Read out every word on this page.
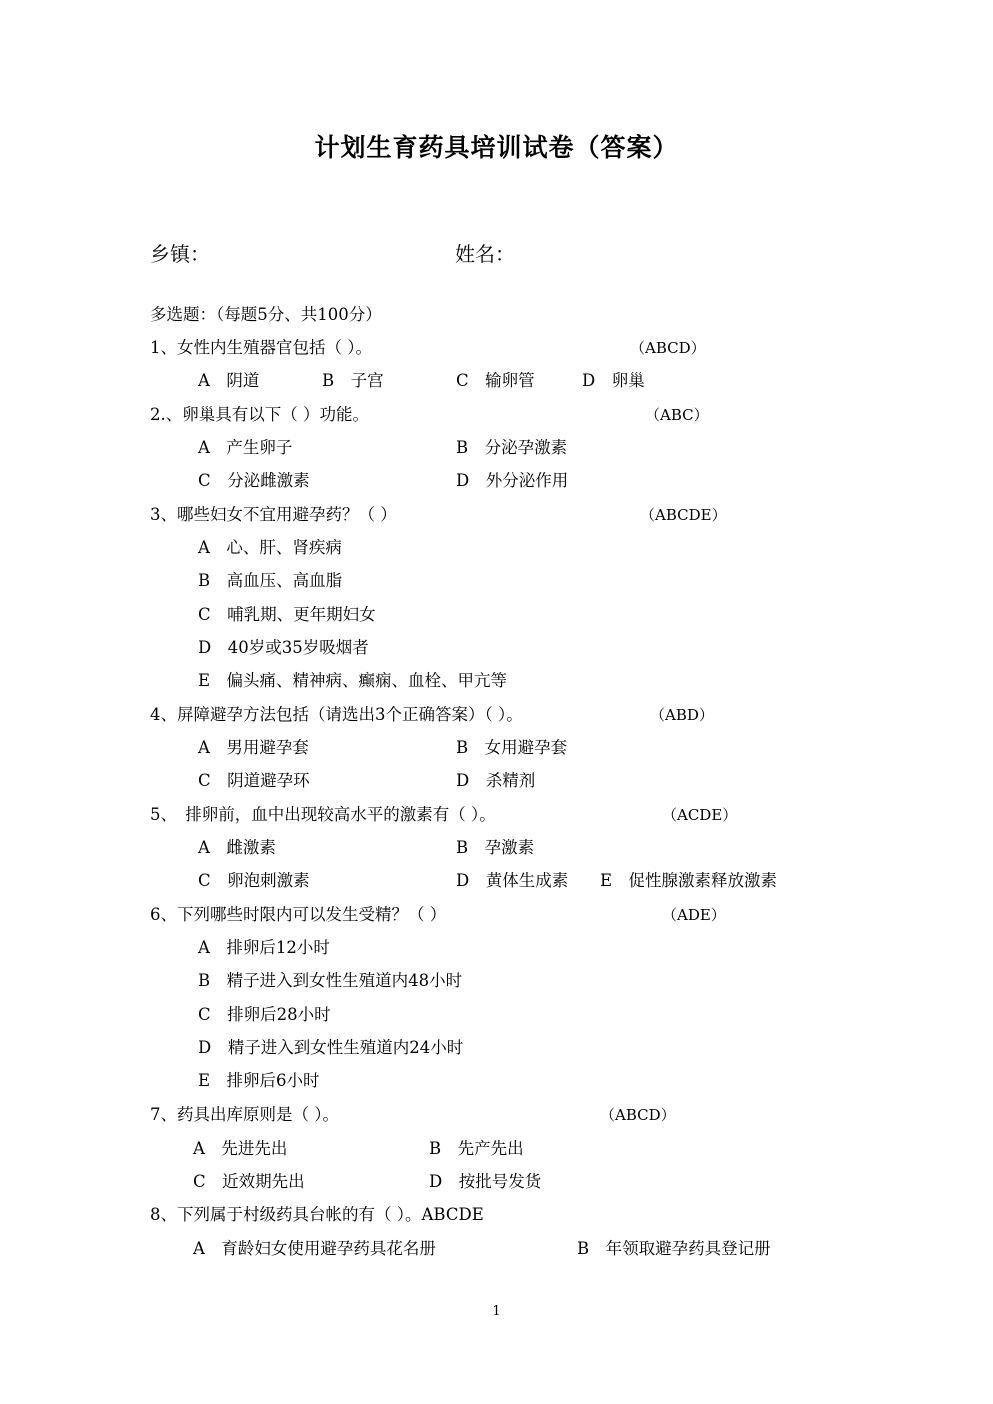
计划生育药具培训试卷（答案）
乡镇：	姓名：
多选题：（每题5分、共100分）
1、女性内生殖器官包括（ ）。	（ABCD）
A　阴道	B　子宫	C　输卵管	D　卵巢
2.、卵巢具有以下（ ）功能。	（ABC）
A　产生卵子	B　分泌孕激素
C　分泌雌激素	D　外分泌作用
3、哪些妇女不宜用避孕药？（ ）	（ABCDE）
A　心、肝、肾疾病
B　高血压、高血脂
C　哺乳期、更年期妇女
D　40岁或35岁吸烟者
E　偏头痛、精神病、癫痫、血栓、甲亢等
4、屏障避孕方法包括（请选出3个正确答案）（ ）。	（ABD）
A　男用避孕套	B　女用避孕套
C　阴道避孕环	D　杀精剂
5、　排卵前，血中出现较高水平的激素有（ ）。	（ACDE）
A　雌激素	B　孕激素
C　卵泡刺激素	D　黄体生成素 E　促性腺激素释放激素
6、下列哪些时限内可以发生受精？（ ）	（ADE）
A　排卵后12小时
B　精子进入到女性生殖道内48小时
C　排卵后28小时
D　精子进入到女性生殖道内24小时
E　排卵后6小时
7、药具出库原则是（ ）。	（ABCD）
A　先进先出	B　先产先出
C　近效期先出	D　按批号发货
8、下列属于村级药具台帐的有（ ）。ABCDE
A　育龄妇女使用避孕药具花名册	B　年领取避孕药具登记册
1
